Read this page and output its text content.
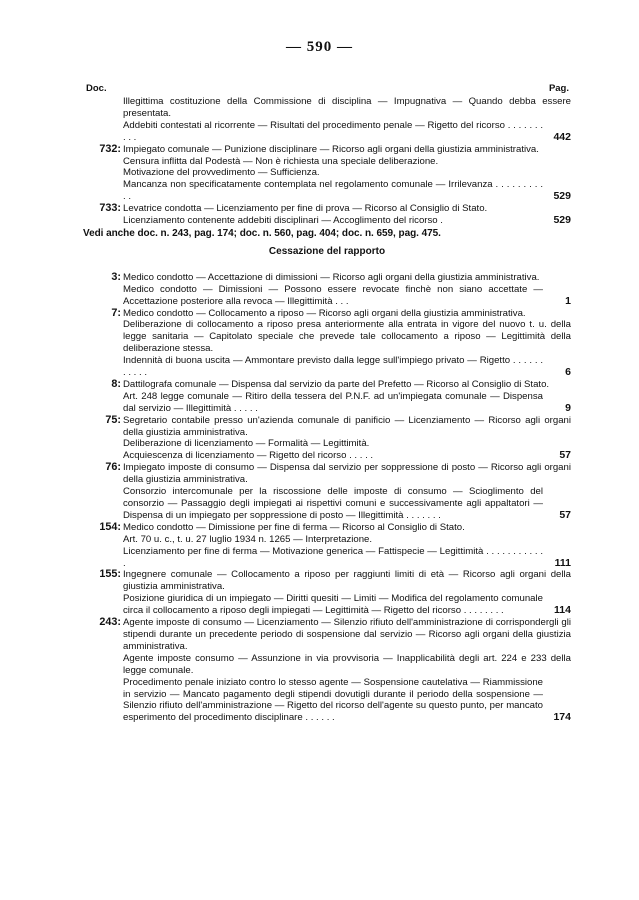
— 590 —
Doc.	Pag.
Illegittima costituzione della Commissione di disciplina — Impugnativa — Quando debba essere presentata.
Addebiti contestati al ricorrente — Risultati del procedimento penale — Rigetto del ricorso . . . . . . . . . .	442
732: Impiegato comunale — Punizione disciplinare — Ricorso agli organi della giustizia amministrativa.
Censura inflitta dal Podestà — Non è richiesta una speciale deliberazione.
Motivazione del provvedimento — Sufficienza.
Mancanza non specificatamente contemplata nel regolamento comunale — Irrilevanza . . . . . . . . . . .	529
733: Levatrice condotta — Licenziamento per fine di prova — Ricorso al Consiglio di Stato.
Licenziamento contenente addebiti disciplinari — Accoglimento del ricorso .	529
Vedi anche doc. n. 243, pag. 174; doc. n. 560, pag. 404; doc. n. 659, pag. 475.
Cessazione del rapporto
3: Medico condotto — Accettazione di dimissioni — Ricorso agli organi della giustizia amministrativa.
Medico condotto — Dimissioni — Possono essere revocate finchè non siano accettate — Accettazione posteriore alla revoca — Illegittimità . . .	1
7: Medico condotto — Collocamento a riposo — Ricorso agli organi della giustizia amministrativa.
Deliberazione di collocamento a riposo presa anteriormente alla entrata in vigore del nuovo t. u. della legge sanitaria — Capitolato speciale che prevede tale collocamento a riposo — Legittimità della deliberazione stessa.
Indennità di buona uscita — Ammontare previsto dalla legge sull'impiego privato — Rigetto . . . . . . . . . . .	6
8: Dattilografa comunale — Dispensa dal servizio da parte del Prefetto — Ricorso al Consiglio di Stato.
Art. 248 legge comunale — Ritiro della tessera del P.N.F. ad un'impiegata comunale — Dispensa dal servizio — Illegittimità . . . . .	9
75: Segretario contabile presso un'azienda comunale di panificio — Licenziamento — Ricorso agli organi della giustizia amministrativa.
Deliberazione di licenziamento — Formalità — Legittimità.
Acquiescenza di licenziamento — Rigetto del ricorso . . . . .	57
76: Impiegato imposte di consumo — Dispensa dal servizio per soppressione di posto — Ricorso agli organi della giustizia amministrativa.
Consorzio intercomunale per la riscossione delle imposte di consumo — Scioglimento del consorzio — Passaggio degli impiegati ai rispettivi comuni e successivamente agli appaltatori — Dispensa di un impiegato per soppressione di posto — Illegittimità . . . . . . .	57
154: Medico condotto — Dimissione per fine di ferma — Ricorso al Consiglio di Stato.
Art. 70 u. c., t. u. 27 luglio 1934 n. 1265 — Interpretazione.
Licenziamento per fine di ferma — Motivazione generica — Fattispecie — Legittimità . . . . . . . . . . . .	111
155: Ingegnere comunale — Collocamento a riposo per raggiunti limiti di età — Ricorso agli organi della giustizia amministrativa.
Posizione giuridica di un impiegato — Diritti quesiti — Limiti — Modifica del regolamento comunale circa il collocamento a riposo degli impiegati — Legittimità — Rigetto del ricorso . . . . . . . .	114
243: Agente imposte di consumo — Licenziamento — Silenzio rifiuto dell'amministrazione di corrispondergli gli stipendi durante un precedente periodo di sospensione dal servizio — Ricorso agli organi della giustizia amministrativa.
Agente imposte consumo — Assunzione in via provvisoria — Inapplicabilità degli art. 224 e 233 della legge comunale.
Procedimento penale iniziato contro lo stesso agente — Sospensione cautelativa — Riammissione in servizio — Mancato pagamento degli stipendi dovutigli durante il periodo della sospensione — Silenzio rifiuto dell'amministrazione — Rigetto del ricorso dell'agente su questo punto, per mancato esperimento del procedimento disciplinare . . . . . .	174
